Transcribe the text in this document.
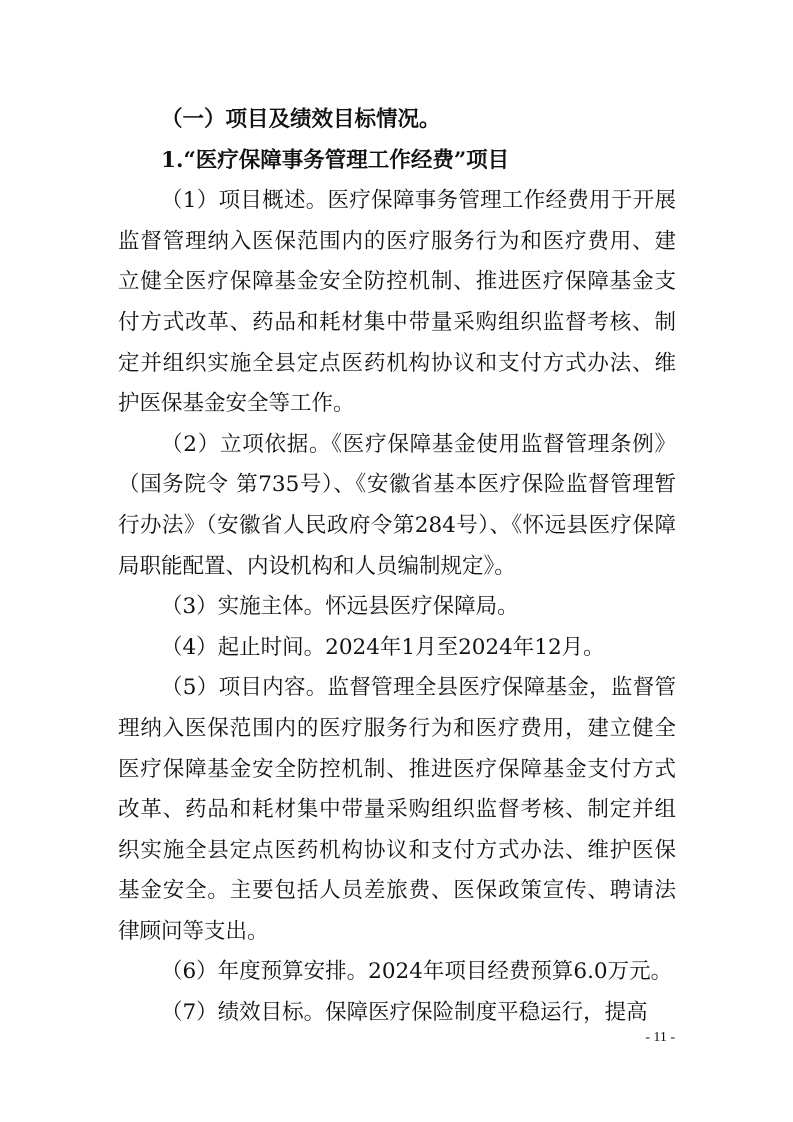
（一）项目及绩效目标情况。

1.“医疗保障事务管理工作经费”项目

（1）项目概述。医疗保障事务管理工作经费用于开展监督管理纳入医保范围内的医疗服务行为和医疗费用、建立健全医疗保障基金安全防控机制、推进医疗保障基金支付方式改革、药品和耗材集中带量采购组织监督考核、制定并组织实施全县定点医药机构协议和支付方式办法、维护医保基金安全等工作。

（2）立项依据。《医疗保障基金使用监督管理条例》（国务院令 第735号）、《安徽省基本医疗保险监督管理暂行办法》（安徽省人民政府令第284号）、《怀远县医疗保障局职能配置、内设机构和人员编制规定》。

（3）实施主体。怀远县医疗保障局。

（4）起止时间。2024年1月至2024年12月。

（5）项目内容。监督管理全县医疗保障基金，监督管理纳入医保范围内的医疗服务行为和医疗费用，建立健全医疗保障基金安全防控机制、推进医疗保障基金支付方式改革、药品和耗材集中带量采购组织监督考核、制定并组织实施全县定点医药机构协议和支付方式办法、维护医保基金安全。主要包括人员差旅费、医保政策宣传、聘请法律顾问等支出。

（6）年度预算安排。2024年项目经费预算6.0万元。

（7）绩效目标。保障医疗保险制度平稳运行，提高

- 11 -
